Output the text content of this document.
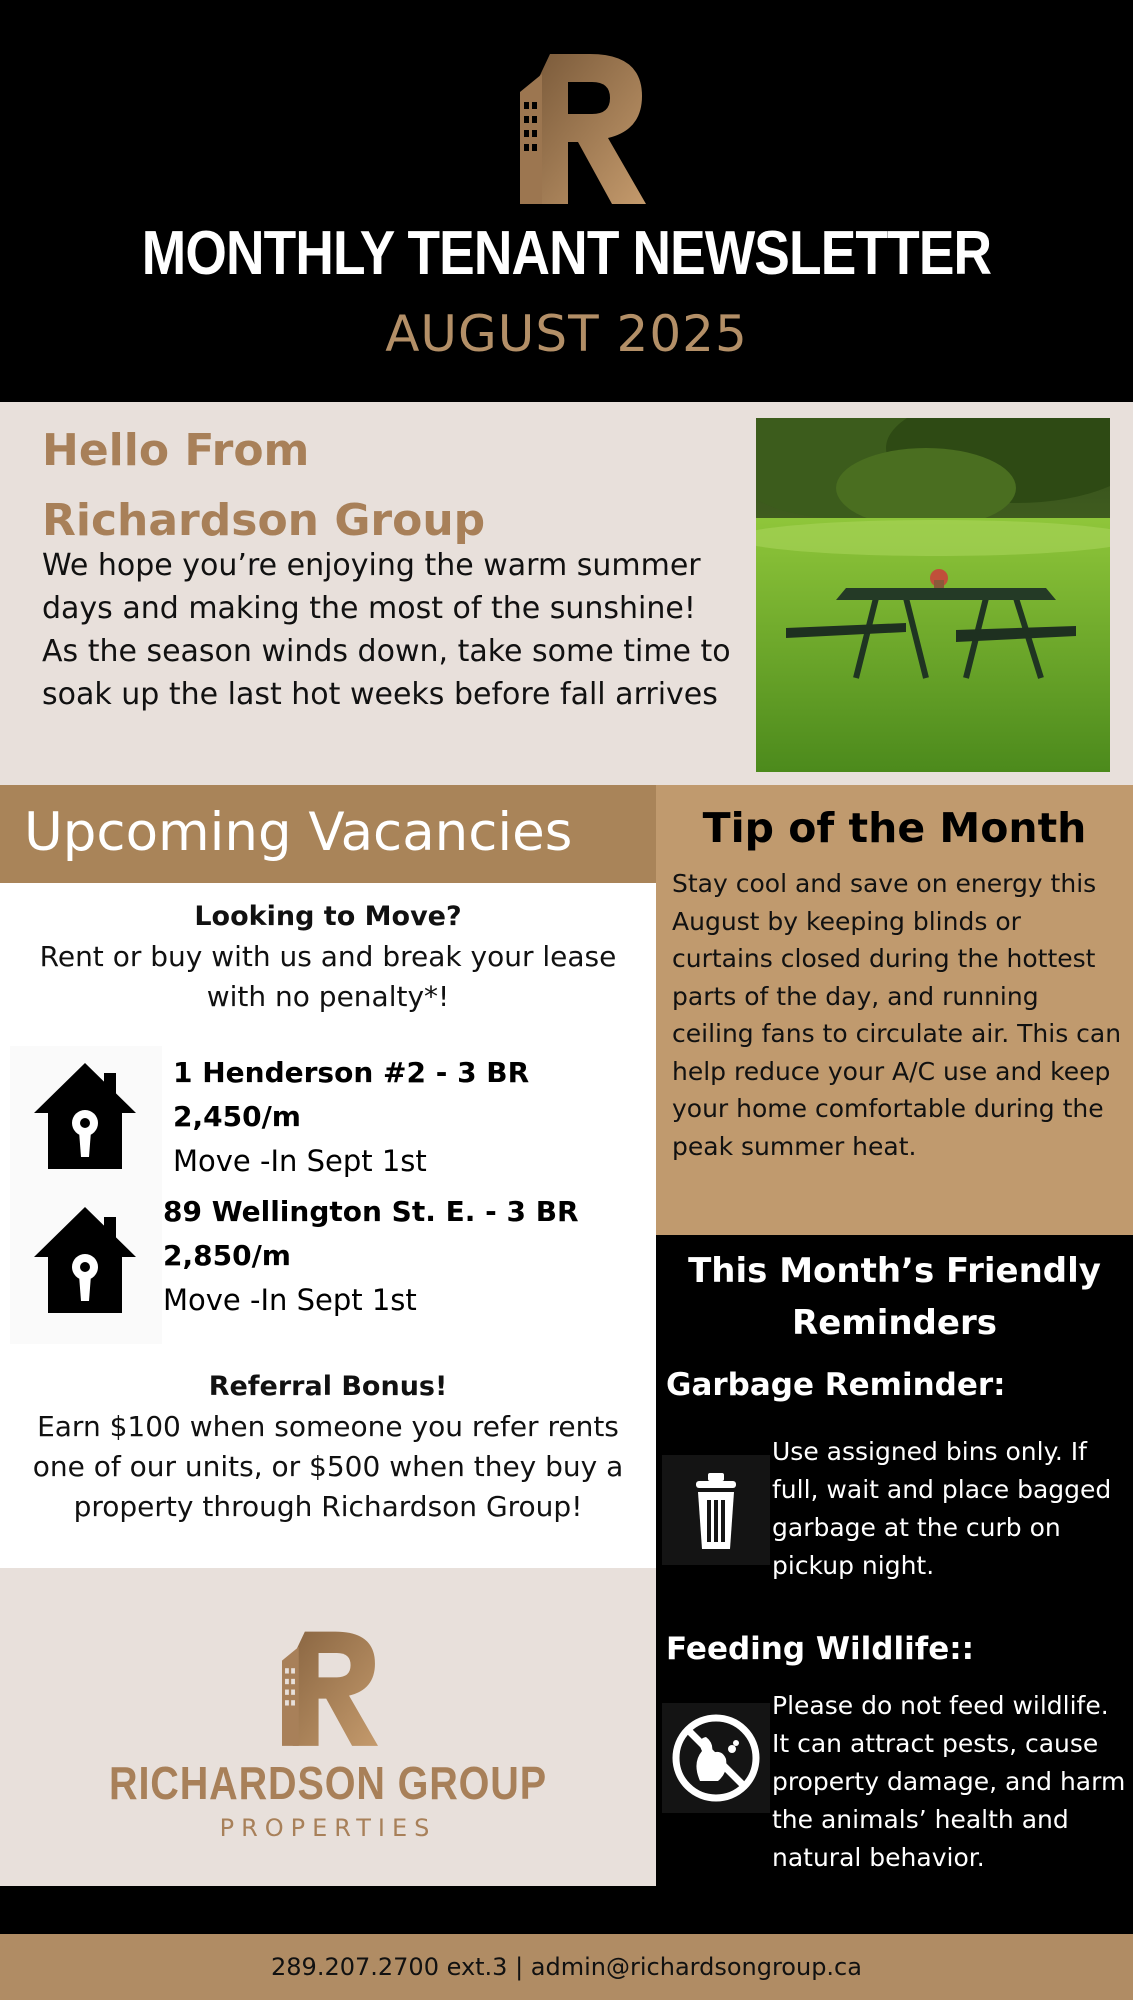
MONTHLY TENANT NEWSLETTER
AUGUST 2025
Hello From
Richardson Group

We hope you’re enjoying the warm summer days and making the most of the sunshine! As the season winds down, take some time to soak up the last hot weeks before fall arrives

Upcoming Vacancies
Looking to Move?
Rent or buy with us and break your lease with no penalty*!
1 Henderson #2 - 3 BR
2,450/m
Move -In Sept 1st
89 Wellington St. E. - 3 BR
2,850/m
Move -In Sept 1st
Referral Bonus!
Earn $100 when someone you refer rents one of our units, or $500 when they buy a property through Richardson Group!
RICHARDSON GROUP
PROPERTIES
Tip of the Month

Stay cool and save on energy this August by keeping blinds or curtains closed during the hottest parts of the day, and running ceiling fans to circulate air. This can help reduce your A/C use and keep your home comfortable during the peak summer heat.

This Month’s Friendly
Reminders
Garbage Reminder:

Use assigned bins only. If full, wait and place bagged garbage at the curb on pickup night.

Feeding Wildlife::

Please do not feed wildlife. It can attract pests, cause property damage, and harm the animals’ health and natural behavior.

289.207.2700 ext.3 | admin@richardsongroup.ca
